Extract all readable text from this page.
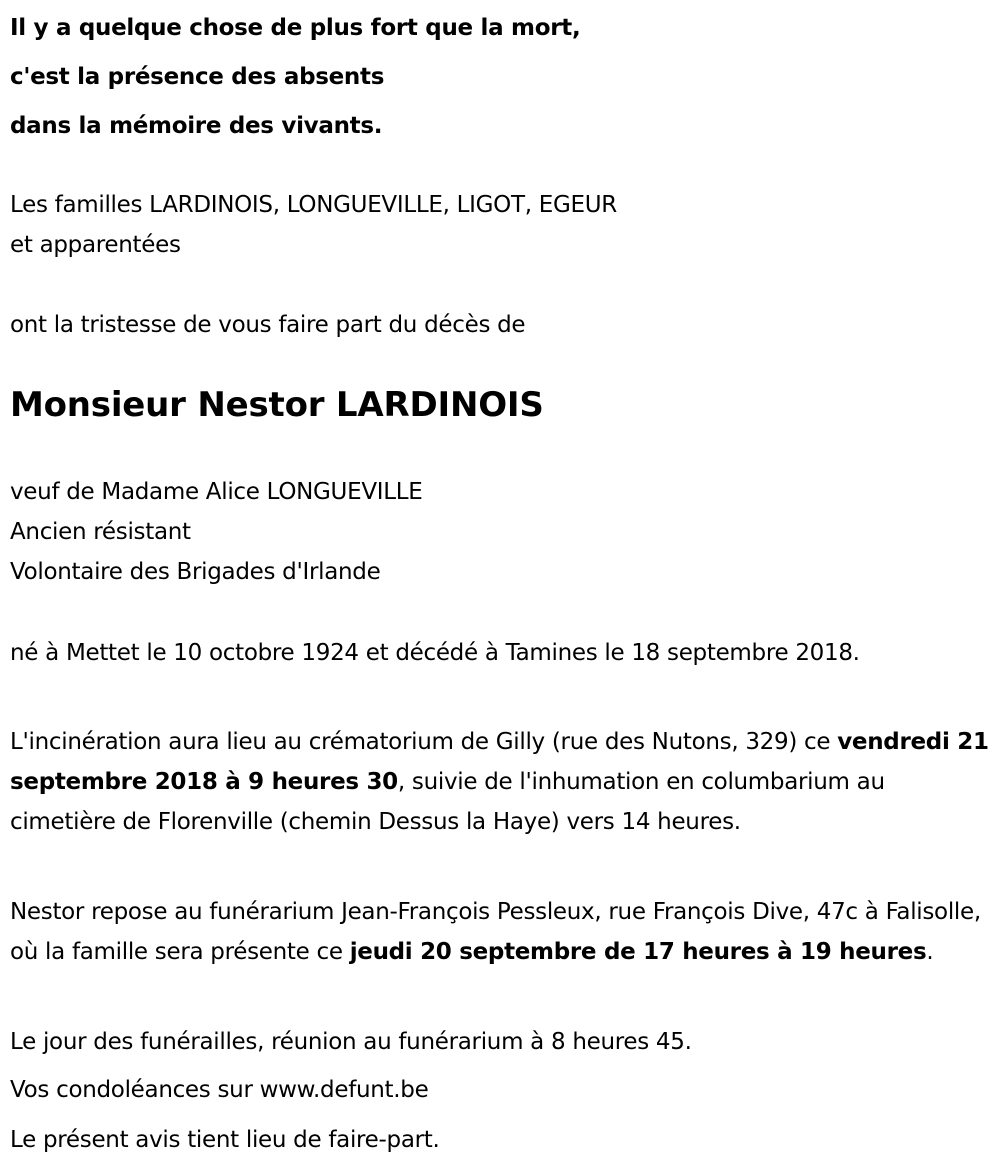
Il y a quelque chose de plus fort que la mort,
c'est la présence des absents
dans la mémoire des vivants.
Les familles LARDINOIS, LONGUEVILLE, LIGOT, EGEUR
et apparentées
ont la tristesse de vous faire part du décès de
Monsieur Nestor LARDINOIS
veuf de Madame Alice LONGUEVILLE
Ancien résistant
Volontaire des Brigades d'Irlande
né à Mettet le 10 octobre 1924 et décédé à Tamines le 18 septembre 2018.
L'incinération aura lieu au crématorium de Gilly (rue des Nutons, 329) ce vendredi 21 septembre 2018 à 9 heures 30, suivie de l'inhumation en columbarium au cimetière de Florenville (chemin Dessus la Haye) vers 14 heures.
Nestor repose au funérarium Jean-François Pessleux, rue François Dive, 47c à Falisolle, où la famille sera présente ce jeudi 20 septembre de 17 heures à 19 heures.
Le jour des funérailles, réunion au funérarium à 8 heures 45.
Vos condoléances sur www.defunt.be
Le présent avis tient lieu de faire-part.
